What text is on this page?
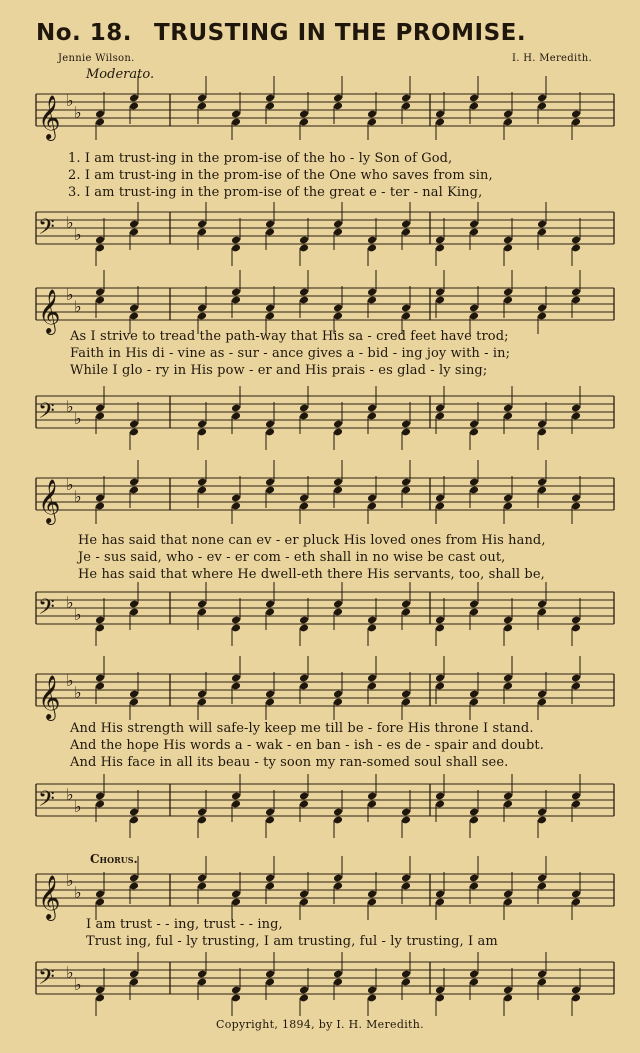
No. 18. TRUSTING IN THE PROMISE.
Jennie Wilson.	I. H. Meredith.
Moderato.
𝄞 ♭
♭
1. I am trust-ing in the prom-ise of the ho - ly Son of God,
2. I am trust-ing in the prom-ise of the One who saves from sin,
3. I am trust-ing in the prom-ise of the great e - ter - nal King,
𝄢 ♭
♭
𝄞 ♭
♭
As I strive to tread the path-way that His sa - cred feet have trod;
Faith in His di - vine as - sur - ance gives a - bid - ing joy with - in;
While I glo - ry in His pow - er and His prais - es glad - ly sing;
𝄢 ♭
♭
𝄞 ♭
♭
He has said that none can ev - er pluck His loved ones from His hand,
Je - sus said, who - ev - er com - eth shall in no wise be cast out,
He has said that where He dwell-eth there His servants, too, shall be,
𝄢 ♭
♭
𝄞 ♭
♭
And His strength will safe-ly keep me till be - fore His throne I stand.
And the hope His words a - wak - en ban - ish - es de - spair and doubt.
And His face in all its beau - ty soon my ran-somed soul shall see.
𝄢 ♭
♭
Chorus.
𝄞 ♭
♭
I am trust - - ing, trust - - ing,
Trust ing, ful - ly trusting, I am trusting, ful - ly trusting, I am
𝄢 ♭
♭
Copyright, 1894, by I. H. Meredith.
